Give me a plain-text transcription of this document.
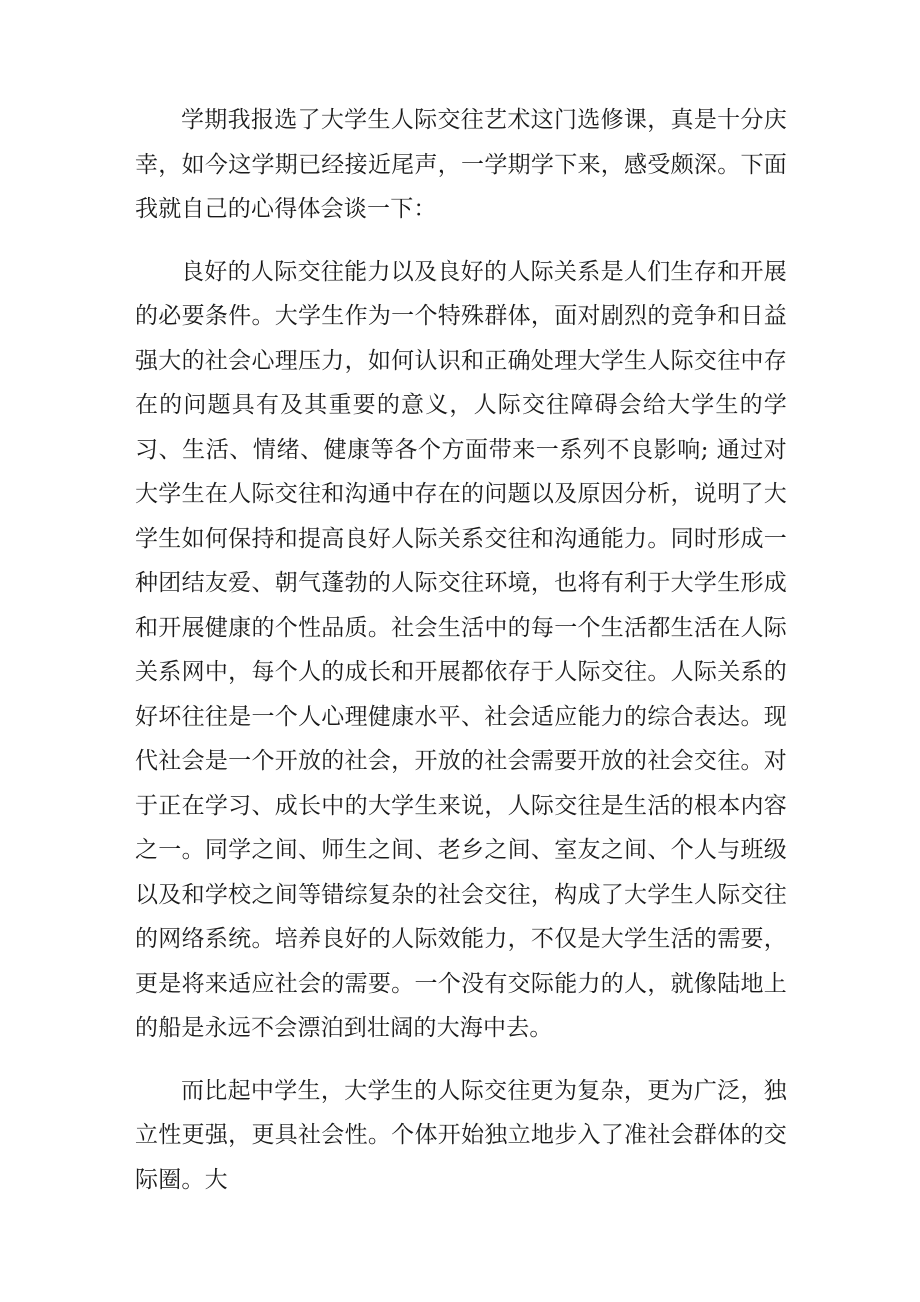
学期我报选了大学生人际交往艺术这门选修课，真是十分庆幸，如今这学期已经接近尾声，一学期学下来，感受颇深。下面我就自己的心得体会谈一下：

良好的人际交往能力以及良好的人际关系是人们生存和开展的必要条件。大学生作为一个特殊群体，面对剧烈的竞争和日益强大的社会心理压力，如何认识和正确处理大学生人际交往中存在的问题具有及其重要的意义，人际交往障碍会给大学生的学习、生活、情绪、健康等各个方面带来一系列不良影响; 通过对大学生在人际交往和沟通中存在的问题以及原因分析，说明了大学生如何保持和提高良好人际关系交往和沟通能力。同时形成一种团结友爱、朝气蓬勃的人际交往环境，也将有利于大学生形成和开展健康的个性品质。社会生活中的每一个生活都生活在人际关系网中，每个人的成长和开展都依存于人际交往。人际关系的好坏往往是一个人心理健康水平、社会适应能力的综合表达。现代社会是一个开放的社会，开放的社会需要开放的社会交往。对于正在学习、成长中的大学生来说，人际交往是生活的根本内容之一。同学之间、师生之间、老乡之间、室友之间、个人与班级以及和学校之间等错综复杂的社会交往，构成了大学生人际交往的网络系统。培养良好的人际效能力，不仅是大学生活的需要，更是将来适应社会的需要。一个没有交际能力的人，就像陆地上的船是永远不会漂泊到壮阔的大海中去。

而比起中学生，大学生的人际交往更为复杂，更为广泛，独立性更强，更具社会性。个体开始独立地步入了准社会群体的交际圈。大
